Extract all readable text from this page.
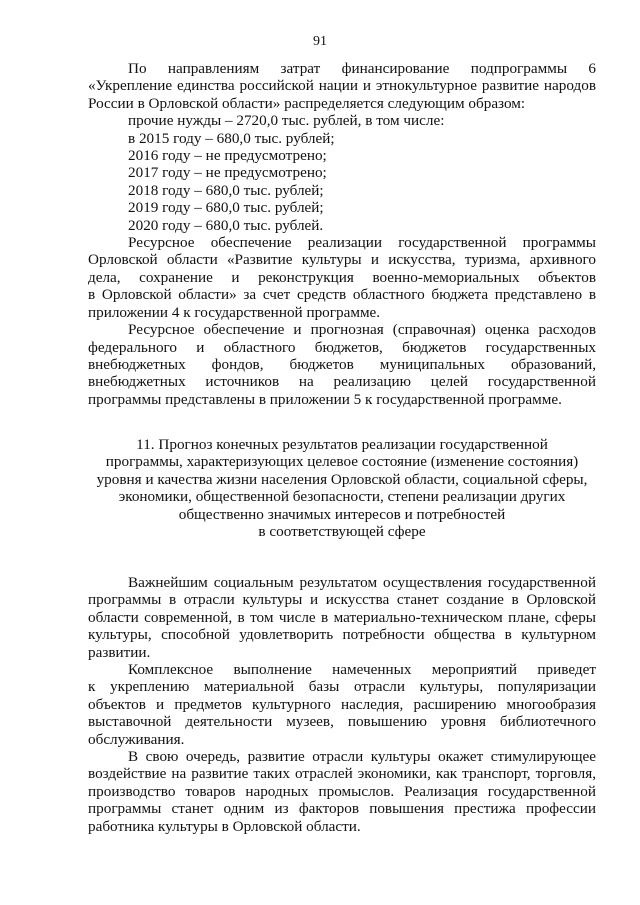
91

По направлениям затрат финансирование подпрограммы 6

«Укрепление единства российской нации и этнокультурное развитие народов

России в Орловской области» распределяется следующим образом:

прочие нужды – 2720,0 тыс. рублей, в том числе:

в 2015 году – 680,0 тыс. рублей;

2016 году – не предусмотрено;

2017 году – не предусмотрено;

2018 году – 680,0 тыс. рублей;

2019 году – 680,0 тыс. рублей;

2020 году – 680,0 тыс. рублей.

Ресурсное обеспечение реализации государственной программы

Орловской области «Развитие культуры и искусства, туризма, архивного

дела, сохранение и реконструкция военно-мемориальных объектов

в Орловской области» за счет средств областного бюджета представлено в

приложении 4 к государственной программе.

Ресурсное обеспечение и прогнозная (справочная) оценка расходов

федерального и областного бюджетов, бюджетов государственных

внебюджетных фондов, бюджетов муниципальных образований,

внебюджетных источников на реализацию целей государственной

программы представлены в приложении 5 к государственной программе.

11. Прогноз конечных результатов реализации государственной
программы, характеризующих целевое состояние (изменение состояния)
уровня и качества жизни населения Орловской области, социальной сферы,
экономики, общественной безопасности, степени реализации других
общественно значимых интересов и потребностей
в соответствующей сфере

Важнейшим социальным результатом осуществления государственной

программы в отрасли культуры и искусства станет создание в Орловской

области современной, в том числе в материально-техническом плане, сферы

культуры, способной удовлетворить потребности общества в культурном

развитии.

Комплексное выполнение намеченных мероприятий приведет

к укреплению материальной базы отрасли культуры, популяризации

объектов и предметов культурного наследия, расширению многообразия

выставочной деятельности музеев, повышению уровня библиотечного

обслуживания.

В свою очередь, развитие отрасли культуры окажет стимулирующее

воздействие на развитие таких отраслей экономики, как транспорт, торговля,

производство товаров народных промыслов. Реализация государственной

программы станет одним из факторов повышения престижа профессии

работника культуры в Орловской области.
